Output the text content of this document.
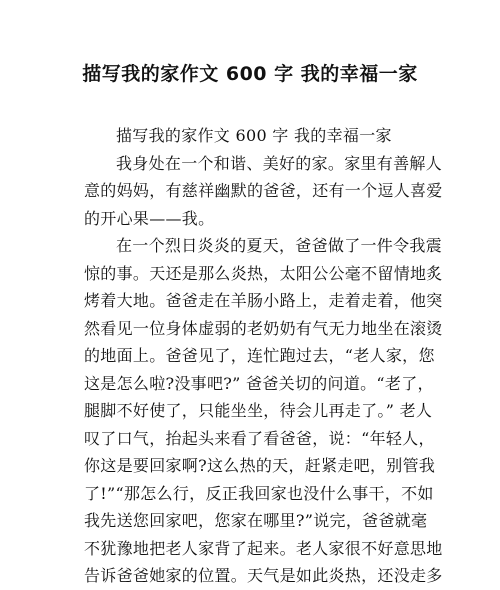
描写我的家作文 600 字 我的幸福一家
描写我的家作文 600 字 我的幸福一家
我身处在一个和谐、美好的家。家里有善解人
意的妈妈，有慈祥幽默的爸爸，还有一个逗人喜爱
的开心果——我。
在一个烈日炎炎的夏天，爸爸做了一件令我震
惊的事。天还是那么炎热，太阳公公毫不留情地炙
烤着大地。爸爸走在羊肠小路上，走着走着，他突
然看见一位身体虚弱的老奶奶有气无力地坐在滚烫
的地面上。爸爸见了，连忙跑过去，“老人家，您
这是怎么啦?没事吧?” 爸爸关切的问道。“老了，
腿脚不好使了，只能坐坐，待会儿再走了。” 老人
叹了口气，抬起头来看了看爸爸，说：“年轻人，
你这是要回家啊?这么热的天，赶紧走吧，别管我
了!”“那怎么行，反正我回家也没什么事干，不如
我先送您回家吧，您家在哪里?”说完，爸爸就毫
不犹豫地把老人家背了起来。老人家很不好意思地
告诉爸爸她家的位置。天气是如此炎热，还没走多
